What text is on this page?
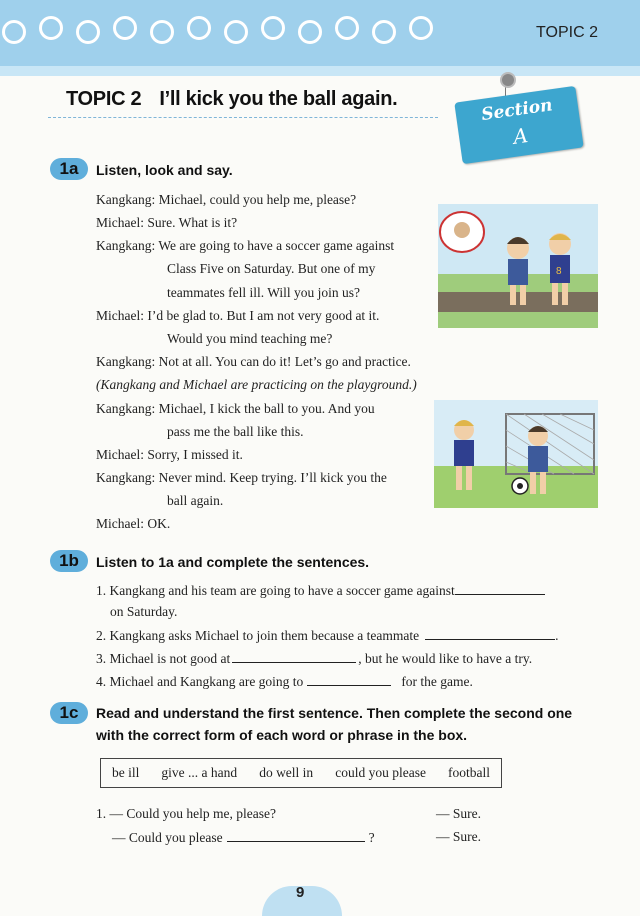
TOPIC 2
TOPIC 2 I’ll kick you the ball again.	Section
A
1a	Listen, look and say.
Kangkang: Michael, could you help me, please?
Michael: Sure. What is it?
Kangkang: We are going to have a soccer game against
Class Five on Saturday. But one of my
teammates fell ill. Will you join us?
Michael: I’d be glad to. But I am not very good at it.
Would you mind teaching me?
Kangkang: Not at all. You can do it! Let’s go and practice.
(Kangkang and Michael are practicing on the playground.)
Kangkang: Michael, I kick the ball to you. And you
pass me the ball like this.
Michael: Sorry, I missed it.
Kangkang: Never mind. Keep trying. I’ll kick you the
ball again.
Michael: OK.
8
1b	Listen to 1a and complete the sentences.
1. Kangkang and his team are going to have a soccer game against
on Saturday.
2. Kangkang asks Michael to join them because a teammate	.
3. Michael is not good at	, but he would like to have a try.
4. Michael and Kangkang are going to	for the game.
1c	Read and understand the first sentence. Then complete the second one
with the correct form of each word or phrase in the box.
be ill give ... a hand do well in could you please football
1. — Could you help me, please?	— Sure.
— Could you please	?	— Sure.
9
